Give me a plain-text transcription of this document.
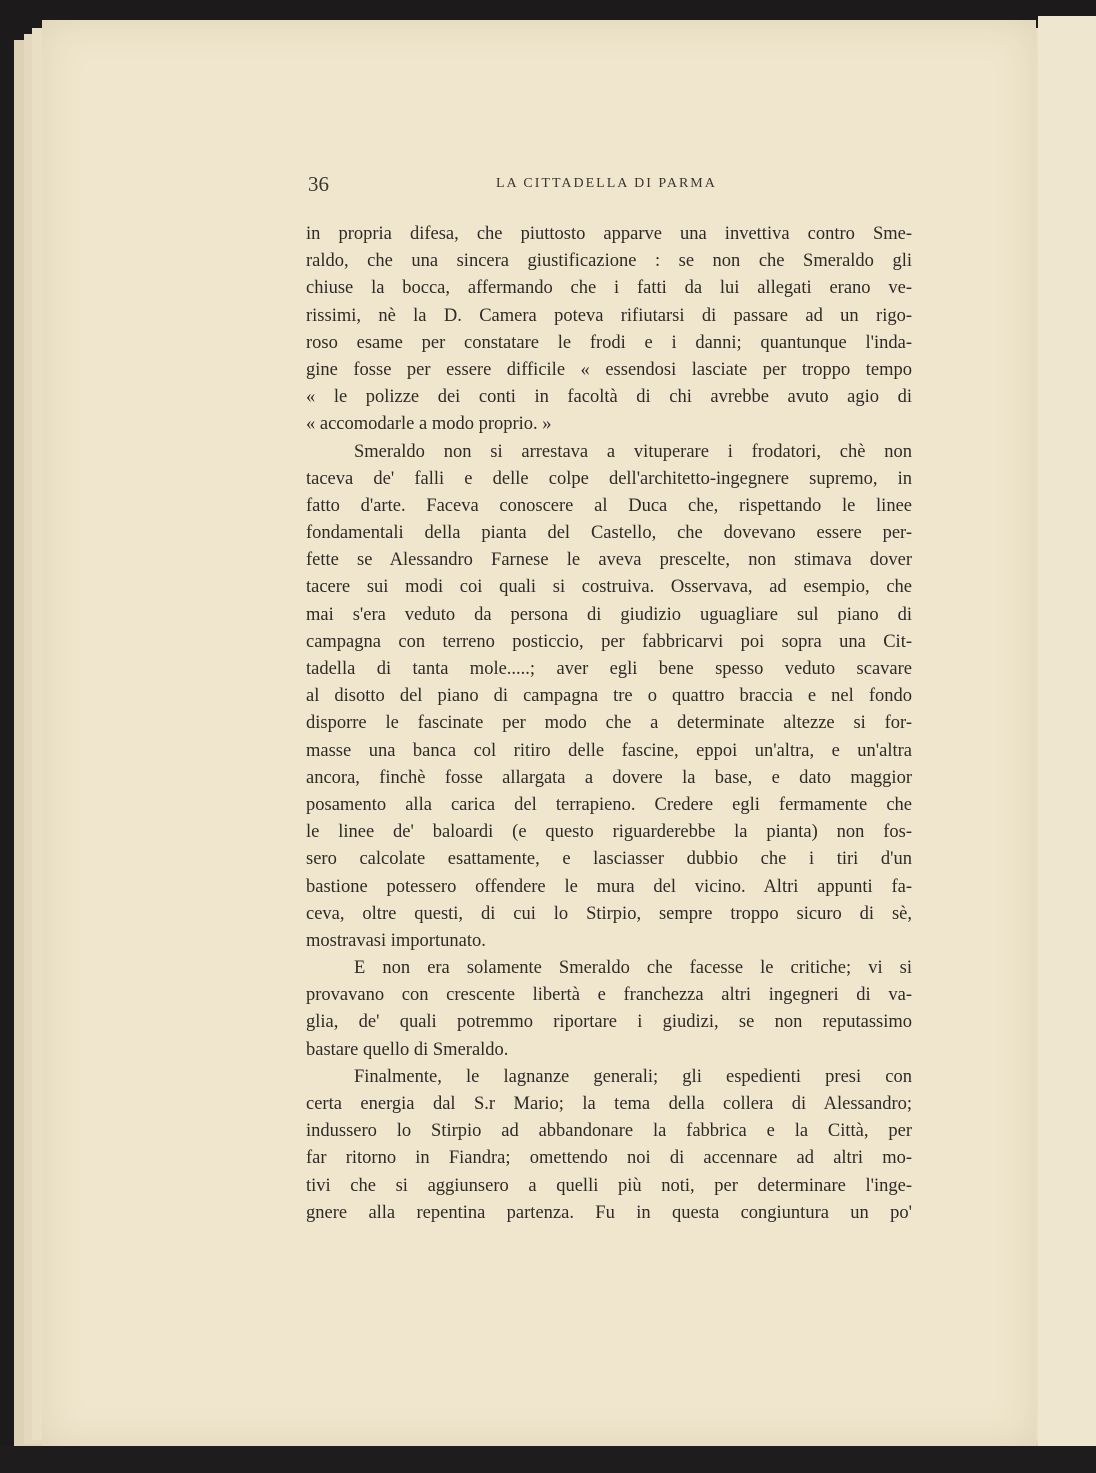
36	LA CITTADELLA DI PARMA
in propria difesa, che piuttosto apparve una invettiva contro Sme-
raldo, che una sincera giustificazione : se non che Smeraldo gli
chiuse la bocca, affermando che i fatti da lui allegati erano ve-
rissimi, nè la D. Camera poteva rifiutarsi di passare ad un rigo-
roso esame per constatare le frodi e i danni; quantunque l'inda-
gine fosse per essere difficile « essendosi lasciate per troppo tempo
« le polizze dei conti in facoltà di chi avrebbe avuto agio di
« accomodarle a modo proprio. »
Smeraldo non si arrestava a vituperare i frodatori, chè non
taceva de' falli e delle colpe dell'architetto-ingegnere supremo, in
fatto d'arte. Faceva conoscere al Duca che, rispettando le linee
fondamentali della pianta del Castello, che dovevano essere per-
fette se Alessandro Farnese le aveva prescelte, non stimava dover
tacere sui modi coi quali si costruiva. Osservava, ad esempio, che
mai s'era veduto da persona di giudizio uguagliare sul piano di
campagna con terreno posticcio, per fabbricarvi poi sopra una Cit-
tadella di tanta mole.....; aver egli bene spesso veduto scavare
al disotto del piano di campagna tre o quattro braccia e nel fondo
disporre le fascinate per modo che a determinate altezze si for-
masse una banca col ritiro delle fascine, eppoi un'altra, e un'altra
ancora, finchè fosse allargata a dovere la base, e dato maggior
posamento alla carica del terrapieno. Credere egli fermamente che
le linee de' baloardi (e questo riguarderebbe la pianta) non fos-
sero calcolate esattamente, e lasciasser dubbio che i tiri d'un
bastione potessero offendere le mura del vicino. Altri appunti fa-
ceva, oltre questi, di cui lo Stirpio, sempre troppo sicuro di sè,
mostravasi importunato.
E non era solamente Smeraldo che facesse le critiche; vi si
provavano con crescente libertà e franchezza altri ingegneri di va-
glia, de' quali potremmo riportare i giudizi, se non reputassimo
bastare quello di Smeraldo.
Finalmente, le lagnanze generali; gli espedienti presi con
certa energia dal S.r Mario; la tema della collera di Alessandro;
indussero lo Stirpio ad abbandonare la fabbrica e la Città, per
far ritorno in Fiandra; omettendo noi di accennare ad altri mo-
tivi che si aggiunsero a quelli più noti, per determinare l'inge-
gnere alla repentina partenza. Fu in questa congiuntura un po'
